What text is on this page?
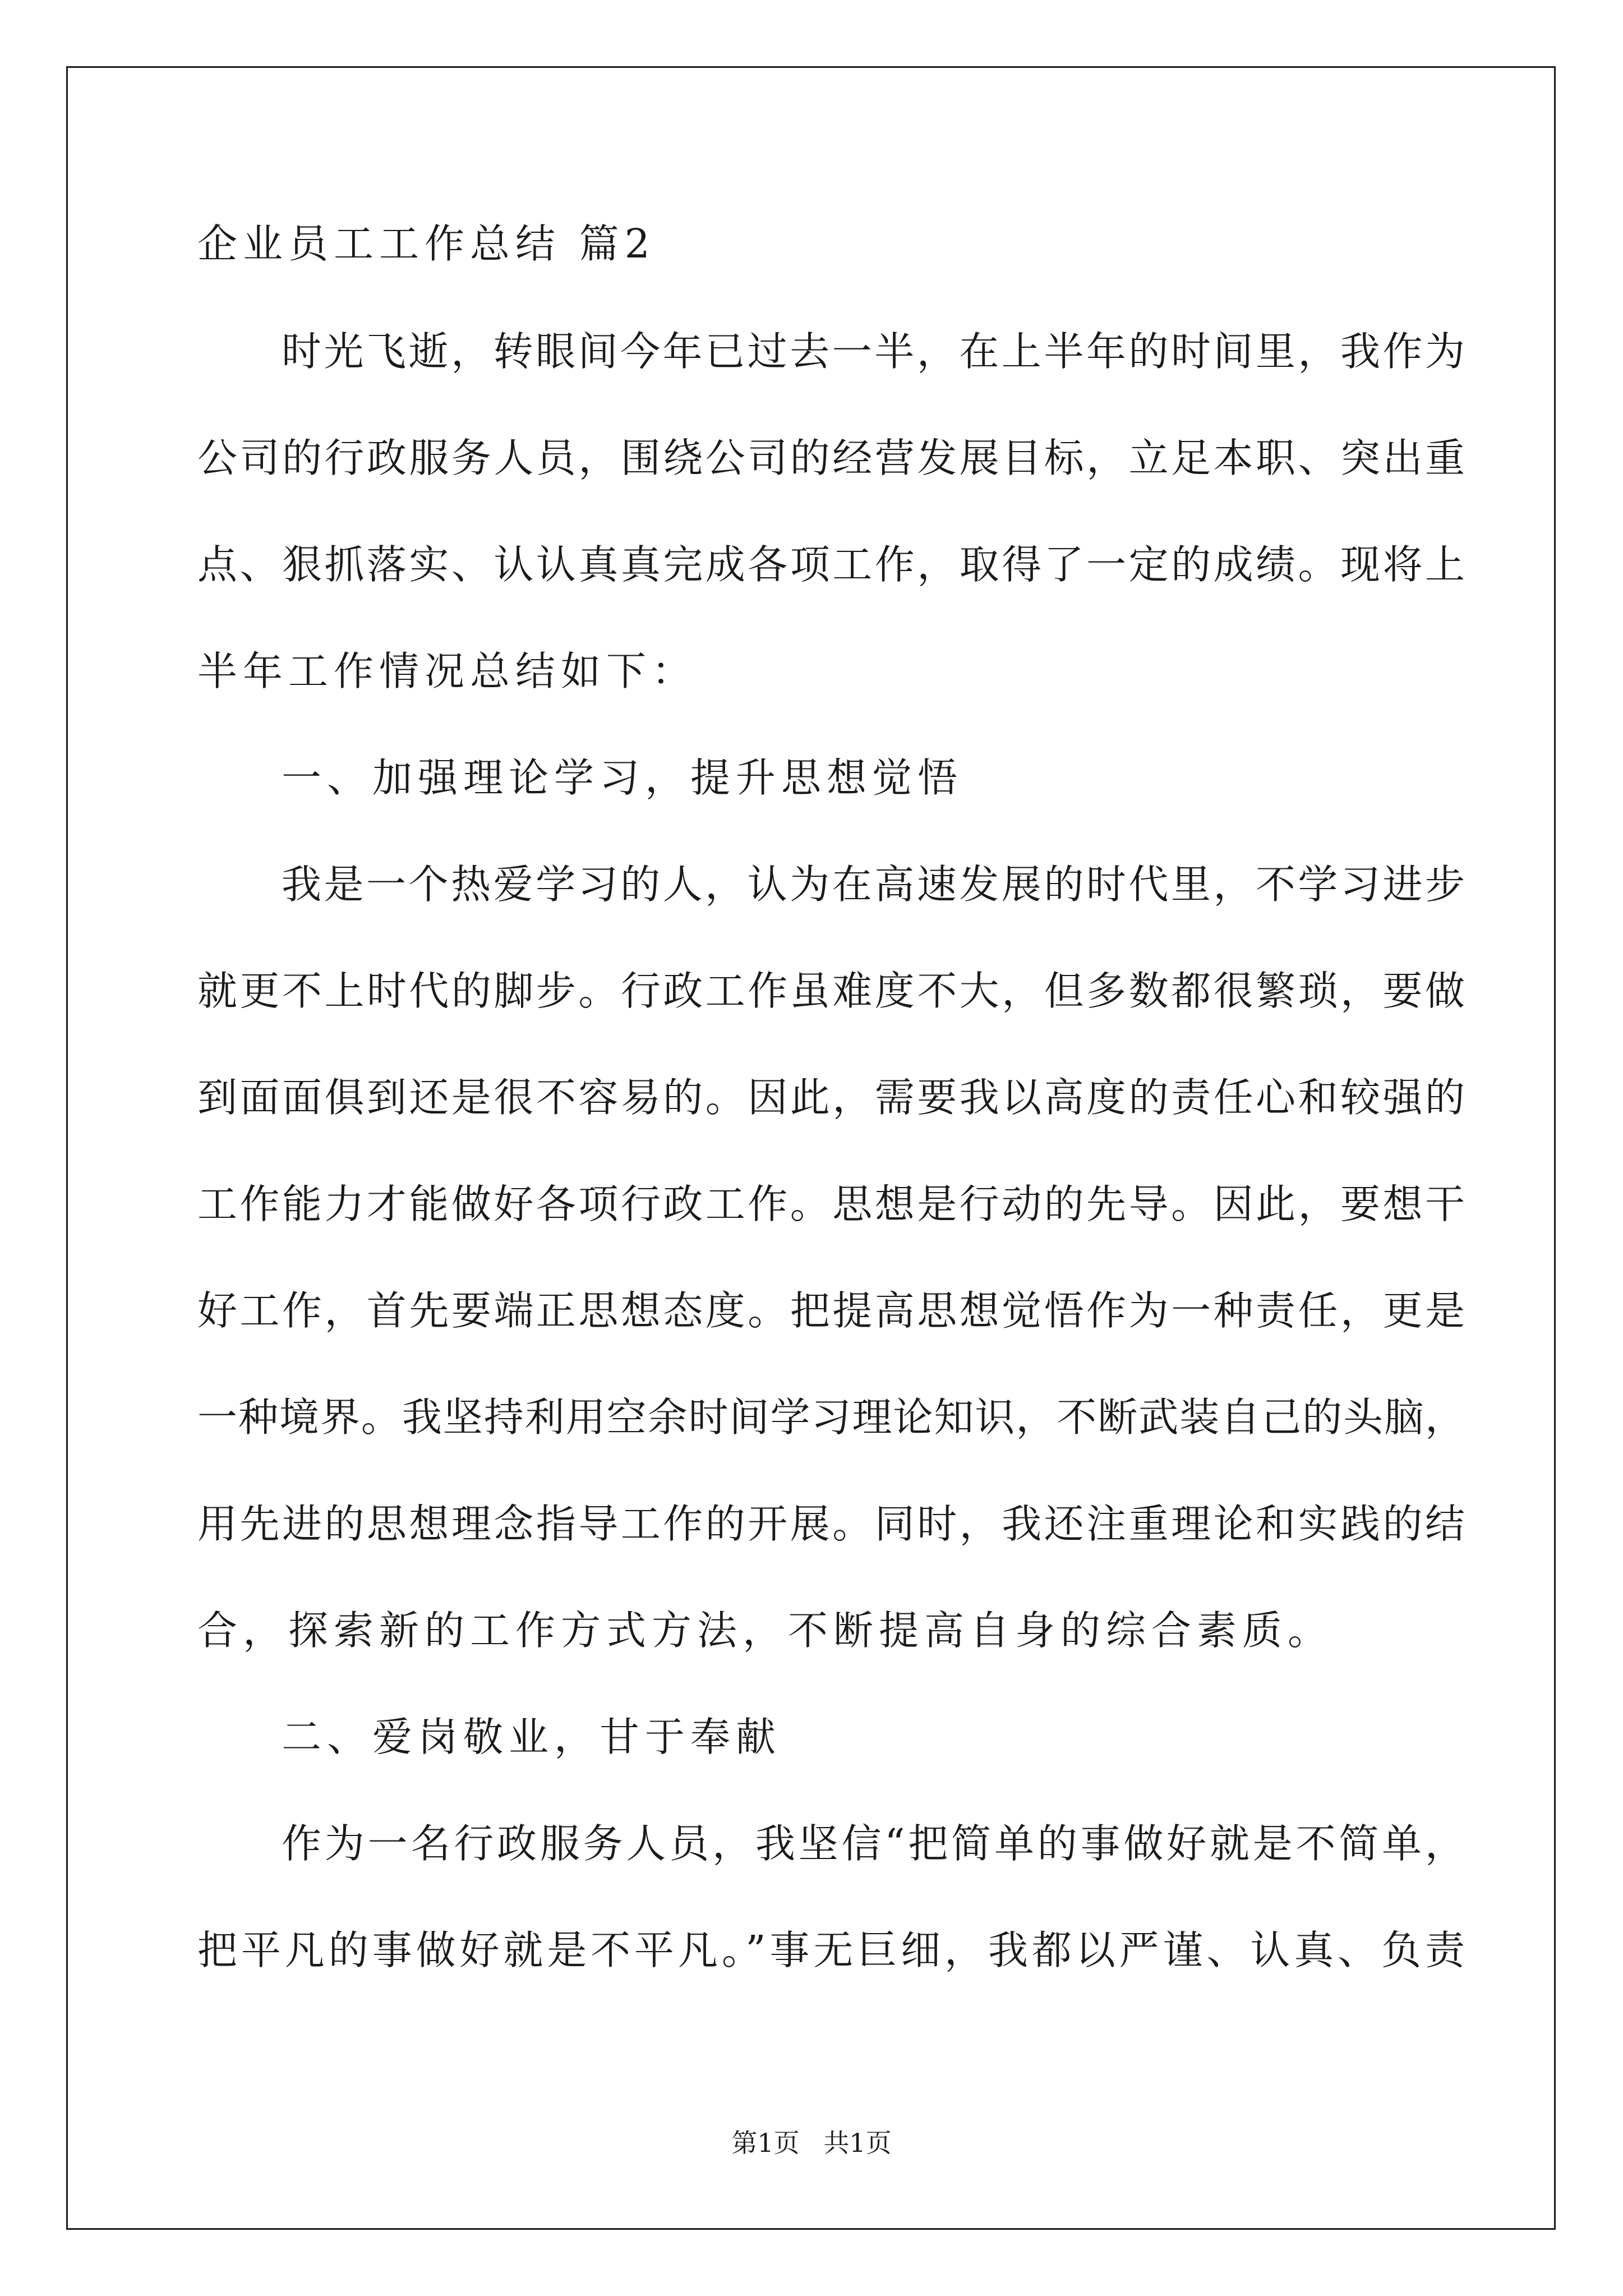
企业员工工作总结 篇2
时光飞逝，转眼间今年已过去一半，在上半年的时间里，我作为
公司的行政服务人员，围绕公司的经营发展目标，立足本职、突出重
点、狠抓落实、认认真真完成各项工作，取得了一定的成绩。现将上
半年工作情况总结如下：
一、加强理论学习，提升思想觉悟
我是一个热爱学习的人，认为在高速发展的时代里，不学习进步
就更不上时代的脚步。行政工作虽难度不大，但多数都很繁琐，要做
到面面俱到还是很不容易的。因此，需要我以高度的责任心和较强的
工作能力才能做好各项行政工作。思想是行动的先导。因此，要想干
好工作，首先要端正思想态度。把提高思想觉悟作为一种责任，更是
一种境界。我坚持利用空余时间学习理论知识，不断武装自己的头脑，
用先进的思想理念指导工作的开展。同时，我还注重理论和实践的结
合，探索新的工作方式方法，不断提高自身的综合素质。
二、爱岗敬业，甘于奉献
作为一名行政服务人员，我坚信“把简单的事做好就是不简单，
把平凡的事做好就是不平凡。”事无巨细，我都以严谨、认真、负责
第1页 共1页
